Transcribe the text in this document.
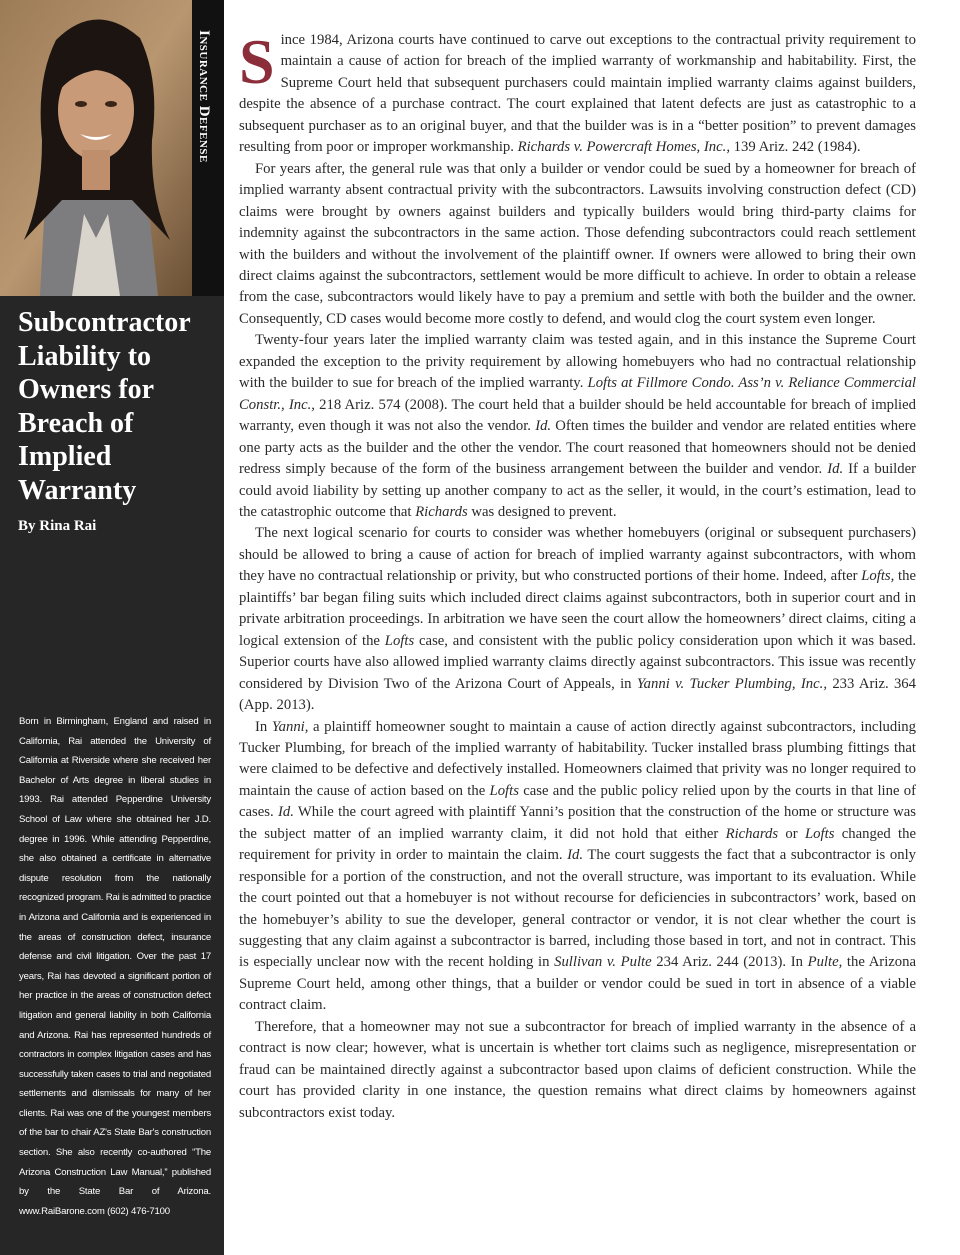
Insurance Defense
Subcontractor Liability to Owners for Breach of Implied Warranty

By Rina Rai

Born in Birmingham, England and raised in California, Rai attended the University of California at Riverside where she received her Bachelor of Arts degree in liberal studies in 1993. Rai attended Pepperdine University School of Law where she obtained her J.D. degree in 1996. While attending Pepperdine, she also obtained a certificate in alternative dispute resolution from the nationally recognized program. Rai is admitted to practice in Arizona and California and is experienced in the areas of construction defect, insurance defense and civil litigation. Over the past 17 years, Rai has devoted a significant portion of her practice in the areas of construction defect litigation and general liability in both California and Arizona. Rai has represented hundreds of contractors in complex litigation cases and has successfully taken cases to trial and negotiated settlements and dismissals for many of her clients. Rai was one of the youngest members of the bar to chair AZ's State Bar's construction section. She also recently co-authored “The Arizona Construction Law Manual,” published by the State Bar of Arizona. www.RaiBarone.com (602) 476-7100

S ince 1984, Arizona courts have continued to carve out exceptions to the contractual privity requirement to maintain a cause of action for breach of the implied warranty of workmanship and habitability. First, the Supreme Court held that subsequent purchasers could maintain implied warranty claims against builders, despite the absence of a purchase contract. The court explained that latent defects are just as catastrophic to a subsequent purchaser as to an original buyer, and that the builder was is in a “better position” to prevent damages resulting from poor or improper workmanship. Richards v. Powercraft Homes, Inc., 139 Ariz. 242 (1984).

For years after, the general rule was that only a builder or vendor could be sued by a homeowner for breach of implied warranty absent contractual privity with the subcontractors. Lawsuits involving construction defect (CD) claims were brought by owners against builders and typically builders would bring third-party claims for indemnity against the subcontractors in the same action. Those defending subcontractors could reach settlement with the builders and without the involvement of the plaintiff owner. If owners were allowed to bring their own direct claims against the subcontractors, settlement would be more difficult to achieve. In order to obtain a release from the case, subcontractors would likely have to pay a premium and settle with both the builder and the owner. Consequently, CD cases would become more costly to defend, and would clog the court system even longer.

Twenty-four years later the implied warranty claim was tested again, and in this instance the Supreme Court expanded the exception to the privity requirement by allowing homebuyers who had no contractual relationship with the builder to sue for breach of the implied warranty. Lofts at Fillmore Condo. Ass’n v. Reliance Commercial Constr., Inc., 218 Ariz. 574 (2008). The court held that a builder should be held accountable for breach of implied warranty, even though it was not also the vendor. Id. Often times the builder and vendor are related entities where one party acts as the builder and the other the vendor. The court reasoned that homeowners should not be denied redress simply because of the form of the business arrangement between the builder and vendor. Id. If a builder could avoid liability by setting up another company to act as the seller, it would, in the court’s estimation, lead to the catastrophic outcome that Richards was designed to prevent.

The next logical scenario for courts to consider was whether homebuyers (original or subsequent purchasers) should be allowed to bring a cause of action for breach of implied warranty against subcontractors, with whom they have no contractual relationship or privity, but who constructed portions of their home. Indeed, after Lofts, the plaintiffs’ bar began filing suits which included direct claims against subcontractors, both in superior court and in private arbitration proceedings. In arbitration we have seen the court allow the homeowners’ direct claims, citing a logical extension of the Lofts case, and consistent with the public policy consideration upon which it was based. Superior courts have also allowed implied warranty claims directly against subcontractors. This issue was recently considered by Division Two of the Arizona Court of Appeals, in Yanni v. Tucker Plumbing, Inc., 233 Ariz. 364 (App. 2013).

In Yanni, a plaintiff homeowner sought to maintain a cause of action directly against subcontractors, including Tucker Plumbing, for breach of the implied warranty of habitability. Tucker installed brass plumbing fittings that were claimed to be defective and defectively installed. Homeowners claimed that privity was no longer required to maintain the cause of action based on the Lofts case and the public policy relied upon by the courts in that line of cases. Id. While the court agreed with plaintiff Yanni’s position that the construction of the home or structure was the subject matter of an implied warranty claim, it did not hold that either Richards or Lofts changed the requirement for privity in order to maintain the claim. Id. The court suggests the fact that a subcontractor is only responsible for a portion of the construction, and not the overall structure, was important to its evaluation. While the court pointed out that a homebuyer is not without recourse for deficiencies in subcontractors’ work, based on the homebuyer’s ability to sue the developer, general contractor or vendor, it is not clear whether the court is suggesting that any claim against a subcontractor is barred, including those based in tort, and not in contract. This is especially unclear now with the recent holding in Sullivan v. Pulte 234 Ariz. 244 (2013). In Pulte, the Arizona Supreme Court held, among other things, that a builder or vendor could be sued in tort in absence of a viable contract claim.

Therefore, that a homeowner may not sue a subcontractor for breach of implied warranty in the absence of a contract is now clear; however, what is uncertain is whether tort claims such as negligence, misrepresentation or fraud can be maintained directly against a subcontractor based upon claims of deficient construction. While the court has provided clarity in one instance, the question remains what direct claims by homeowners against subcontractors exist today.
